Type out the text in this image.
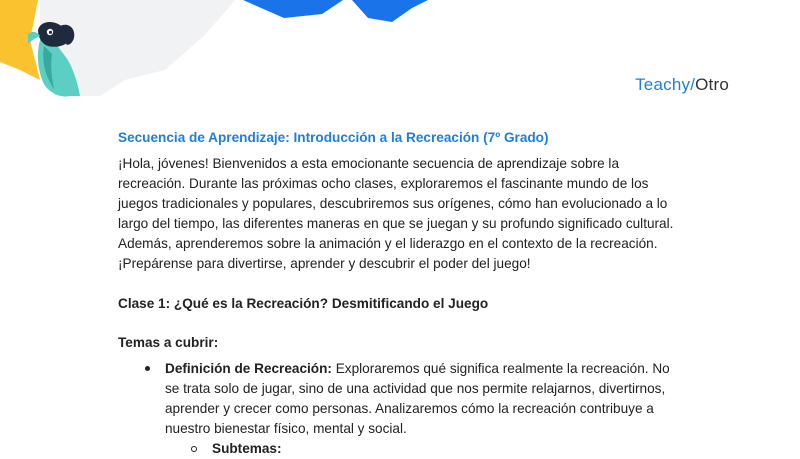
Teachy/Otro
Secuencia de Aprendizaje: Introducción a la Recreación (7º Grado)

¡Hola, jóvenes! Bienvenidos a esta emocionante secuencia de aprendizaje sobre la recreación. Durante las próximas ocho clases, exploraremos el fascinante mundo de los juegos tradicionales y populares, descubriremos sus orígenes, cómo han evolucionado a lo largo del tiempo, las diferentes maneras en que se juegan y su profundo significado cultural. Además, aprenderemos sobre la animación y el liderazgo en el contexto de la recreación. ¡Prepárense para divertirse, aprender y descubrir el poder del juego!

Clase 1: ¿Qué es la Recreación? Desmitificando el Juego
Temas a cubrir:
Definición de Recreación: Exploraremos qué significa realmente la recreación. No se trata solo de jugar, sino de una actividad que nos permite relajarnos, divertirnos, aprender y crecer como personas. Analizaremos cómo la recreación contribuye a nuestro bienestar físico, mental y social.
Subtemas:
